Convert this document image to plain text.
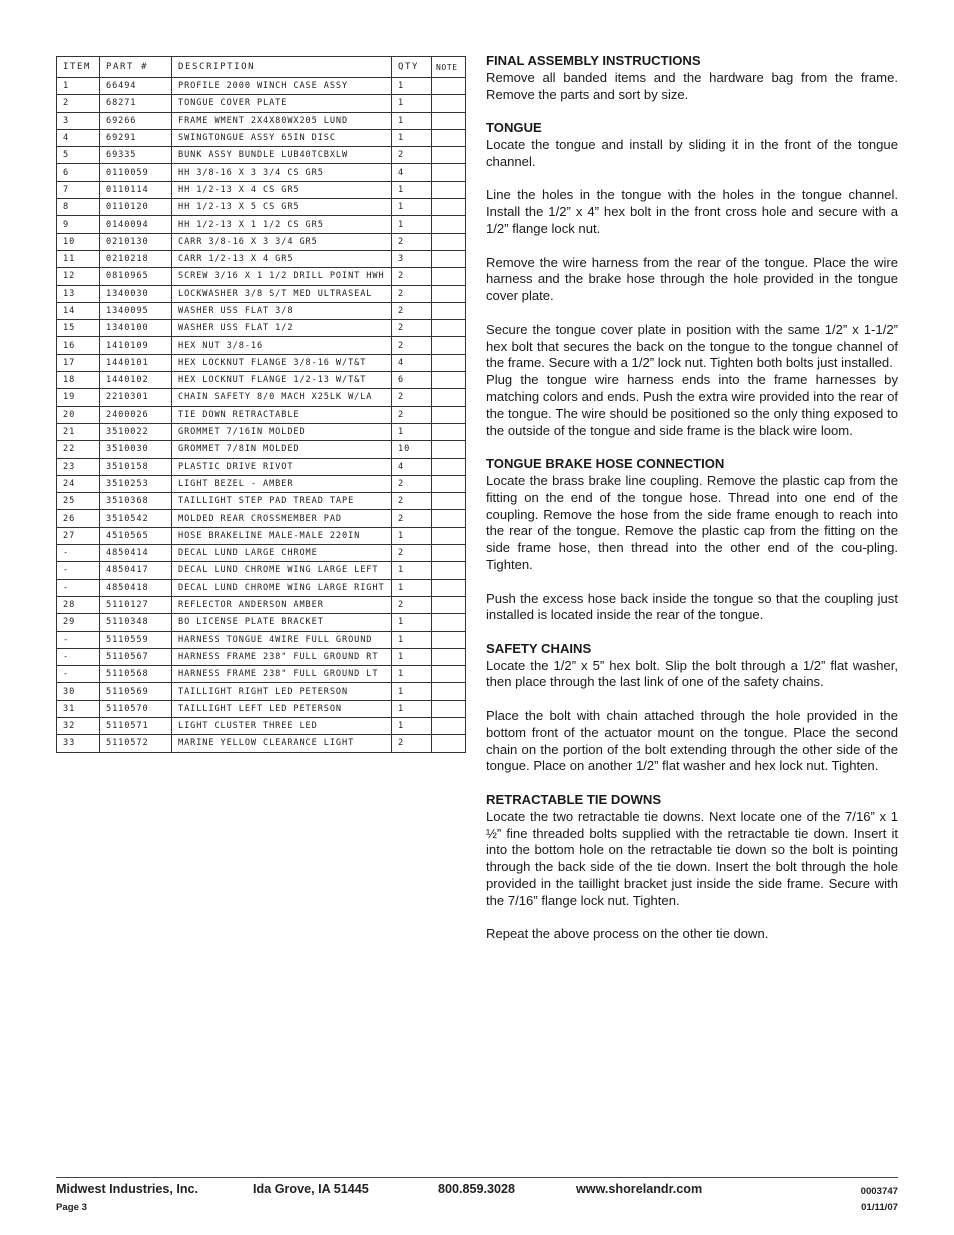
ITEM	PART #	DESCRIPTION	QTY	NOTE
1	66494	PROFILE 2000 WINCH CASE ASSY	1	
2	68271	TONGUE COVER PLATE	1	
3	69266	FRAME WMENT 2X4X80WX205 LUND	1	
4	69291	SWINGTONGUE ASSY 65IN DISC	1	
5	69335	BUNK ASSY BUNDLE LUB40TCBXLW	2	
6	0110059	HH 3/8-16 X 3 3/4 CS GR5	4	
7	0110114	HH 1/2-13 X 4 CS GR5	1	
8	0110120	HH 1/2-13 X 5 CS GR5	1	
9	0140094	HH 1/2-13 X 1 1/2 CS GR5	1	
10	0210130	CARR 3/8-16 X 3 3/4 GR5	2	
11	0210218	CARR 1/2-13 X 4 GR5	3	
12	0810965	SCREW 3/16 X 1 1/2 DRILL POINT HWH	2	
13	1340030	LOCKWASHER 3/8 S/T MED ULTRASEAL	2	
14	1340095	WASHER USS FLAT 3/8	2	
15	1340100	WASHER USS FLAT 1/2	2	
16	1410109	HEX NUT 3/8-16	2	
17	1440101	HEX LOCKNUT FLANGE 3/8-16 W/T&T	4	
18	1440102	HEX LOCKNUT FLANGE 1/2-13 W/T&T	6	
19	2210301	CHAIN SAFETY 8/0 MACH X25LK W/LA	2	
20	2400026	TIE DOWN RETRACTABLE	2	
21	3510022	GROMMET 7/16IN MOLDED	1	
22	3510030	GROMMET 7/8IN MOLDED	10	
23	3510158	PLASTIC DRIVE RIVOT	4	
24	3510253	LIGHT BEZEL - AMBER	2	
25	3510368	TAILLIGHT STEP PAD TREAD TAPE	2	
26	3510542	MOLDED REAR CROSSMEMBER PAD	2	
27	4510565	HOSE BRAKELINE MALE-MALE 220IN	1	
-	4850414	DECAL LUND LARGE CHROME	2	
-	4850417	DECAL LUND CHROME WING LARGE LEFT	1	
-	4850418	DECAL LUND CHROME WING LARGE RIGHT	1	
28	5110127	REFLECTOR ANDERSON AMBER	2	
29	5110348	BO LICENSE PLATE BRACKET	1	
-	5110559	HARNESS TONGUE 4WIRE FULL GROUND	1	
-	5110567	HARNESS FRAME 238" FULL GROUND RT	1	
-	5110568	HARNESS FRAME 238" FULL GROUND LT	1	
30	5110569	TAILLIGHT RIGHT LED PETERSON	1	
31	5110570	TAILLIGHT LEFT LED PETERSON	1	
32	5110571	LIGHT CLUSTER THREE LED	1	
33	5110572	MARINE YELLOW CLEARANCE LIGHT	2	
FINAL ASSEMBLY INSTRUCTIONS

Remove all banded items and the hardware bag from the frame. Remove the parts and sort by size.

TONGUE

Locate the tongue and install by sliding it in the front of the tongue channel.

Line the holes in the tongue with the holes in the tongue channel. Install the 1/2” x 4” hex bolt in the front cross hole and secure with a 1/2” flange lock nut.

Remove the wire harness from the rear of the tongue. Place the wire harness and the brake hose through the hole provided in the tongue cover plate.

Secure the tongue cover plate in position with the same 1/2” x 1-1/2” hex bolt that secures the back on the tongue to the tongue channel of the frame. Secure with a 1/2” lock nut. Tighten both bolts just installed.

Plug the tongue wire harness ends into the frame harnesses by matching colors and ends. Push the extra wire provided into the rear of the tongue. The wire should be positioned so the only thing exposed to the outside of the tongue and side frame is the black wire loom.

TONGUE BRAKE HOSE CONNECTION

Locate the brass brake line coupling. Remove the plastic cap from the fitting on the end of the tongue hose. Thread into one end of the coupling. Remove the hose from the side frame enough to reach into the rear of the tongue. Remove the plastic cap from the fitting on the side frame hose, then thread into the other end of the cou-pling. Tighten.

Push the excess hose back inside the tongue so that the coupling just installed is located inside the rear of the tongue.

SAFETY CHAINS

Locate the 1/2” x 5” hex bolt. Slip the bolt through a 1/2” flat washer, then place through the last link of one of the safety chains.

Place the bolt with chain attached through the hole provided in the bottom front of the actuator mount on the tongue. Place the second chain on the portion of the bolt extending through the other side of the tongue. Place on another 1/2” flat washer and hex lock nut. Tighten.

RETRACTABLE TIE DOWNS

Locate the two retractable tie downs. Next locate one of the 7/16” x 1 ½” fine threaded bolts supplied with the retractable tie down. Insert it into the bottom hole on the retractable tie down so the bolt is pointing through the back side of the tie down. Insert the bolt through the hole provided in the taillight bracket just inside the side frame. Secure with the 7/16” flange lock nut. Tighten.

Repeat the above process on the other tie down.

Midwest Industries, Inc.	Ida Grove, IA 51445	800.859.3028	www.shorelandr.com	0003747
Page 3	01/11/07
